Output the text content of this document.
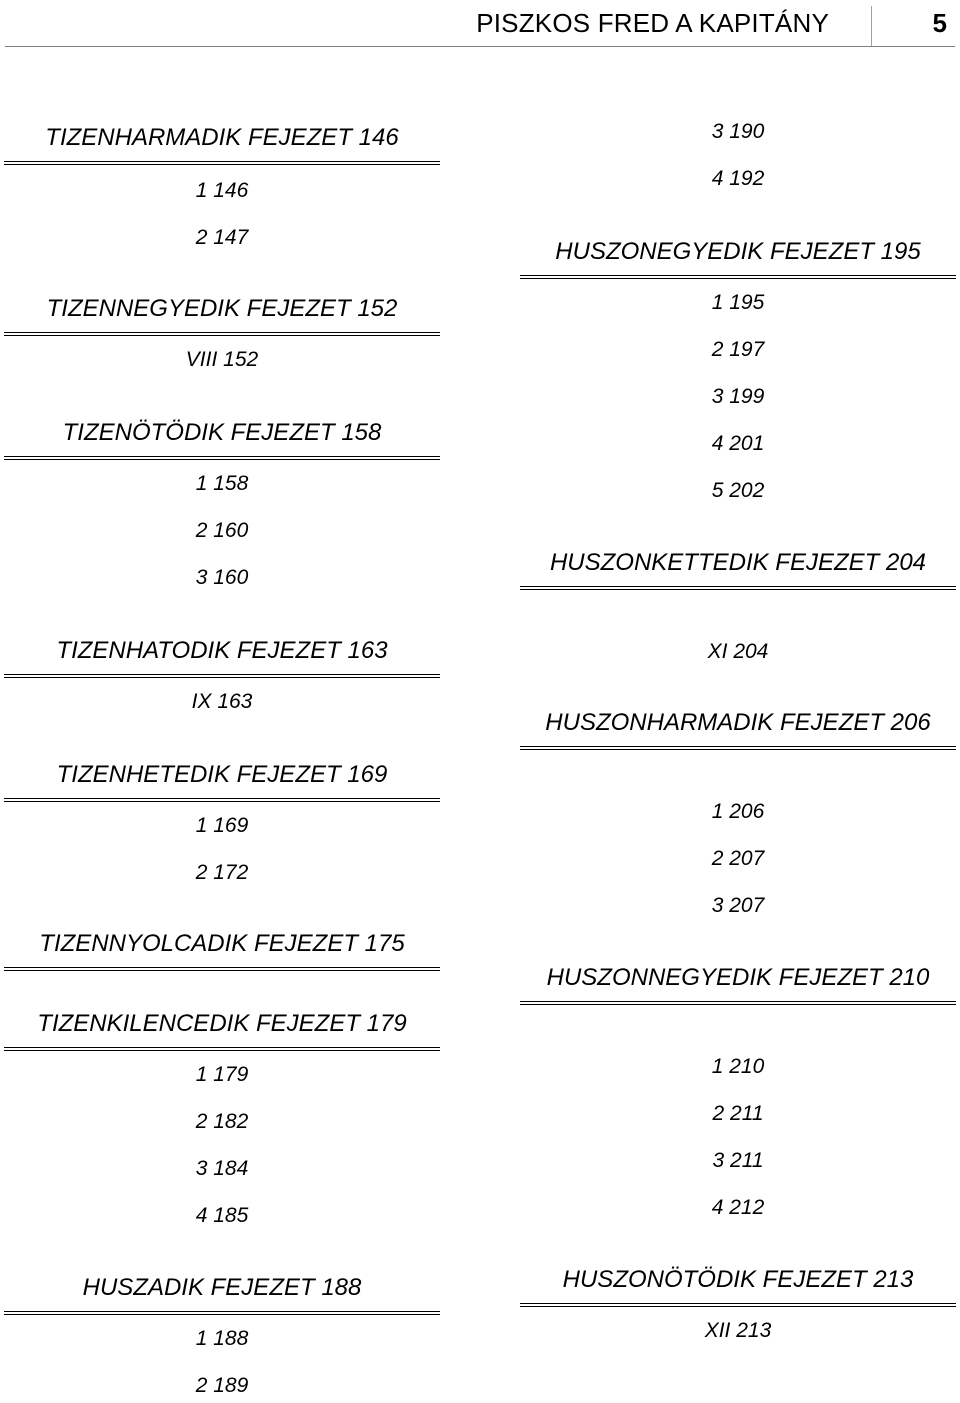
PISZKOS FRED A KAPITÁNY	5
TIZENHARMADIK FEJEZET 146
1 146
2 147
TIZENNEGYEDIK FEJEZET 152
VIII 152
TIZENÖTÖDIK FEJEZET 158
1 158
2 160
3 160
TIZENHATODIK FEJEZET 163
IX 163
TIZENHETEDIK FEJEZET 169
1 169
2 172
TIZENNYOLCADIK FEJEZET 175
TIZENKILENCEDIK FEJEZET 179
1 179
2 182
3 184
4 185
HUSZADIK FEJEZET 188
1 188
2 189
3 190
4 192
HUSZONEGYEDIK FEJEZET 195
1 195
2 197
3 199
4 201
5 202
HUSZONKETTEDIK FEJEZET 204
XI 204
HUSZONHARMADIK FEJEZET 206
1 206
2 207
3 207
HUSZONNEGYEDIK FEJEZET 210
1 210
2 211
3 211
4 212
HUSZONÖTÖDIK FEJEZET 213
XII 213
